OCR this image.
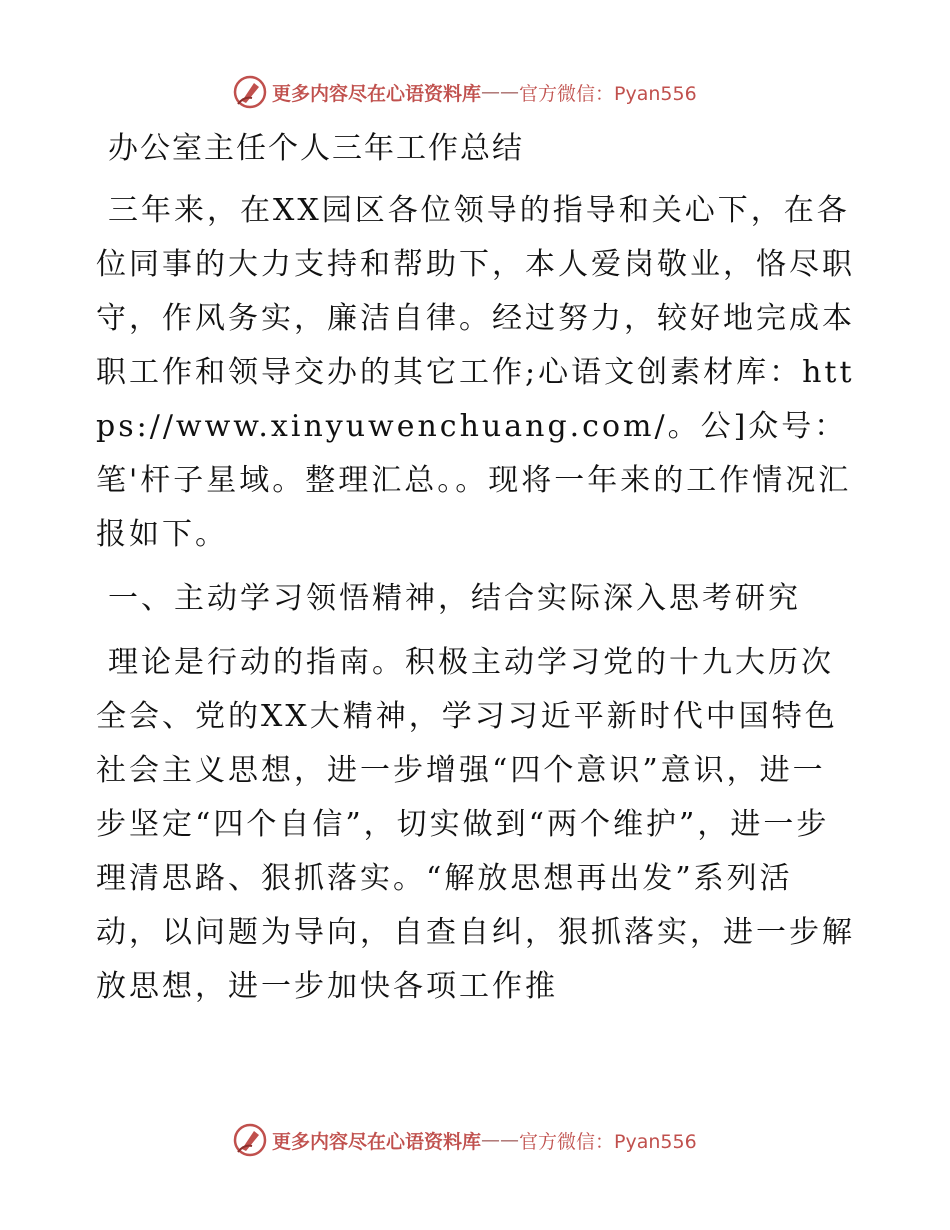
更多内容尽在心语资料库 —— 官方微信：Pyan556
办公室主任个人三年工作总结

三年来，在XX园区各位领导的指导和关心下，在各位同事的大力支持和帮助下，本人爱岗敬业，恪尽职守，作风务实，廉洁自律。经过努力，较好地完成本职工作和领导交办的其它工作;心语文创素材库：https://www.xinyuwenchuang.com/。公]众号：笔'杆子星域。整理汇总。。现将一年来的工作情况汇报如下。

一、主动学习领悟精神，结合实际深入思考研究

理论是行动的指南。积极主动学习党的十九大历次全会、党的XX大精神，学习习近平新时代中国特色社会主义思想，进一步增强“四个意识”意识，进一步坚定“四个自信”，切实做到“两个维护”，进一步理清思路、狠抓落实。“解放思想再出发”系列活动，以问题为导向，自查自纠，狠抓落实，进一步解放思想，进一步加快各项工作推

更多内容尽在心语资料库 —— 官方微信：Pyan556
